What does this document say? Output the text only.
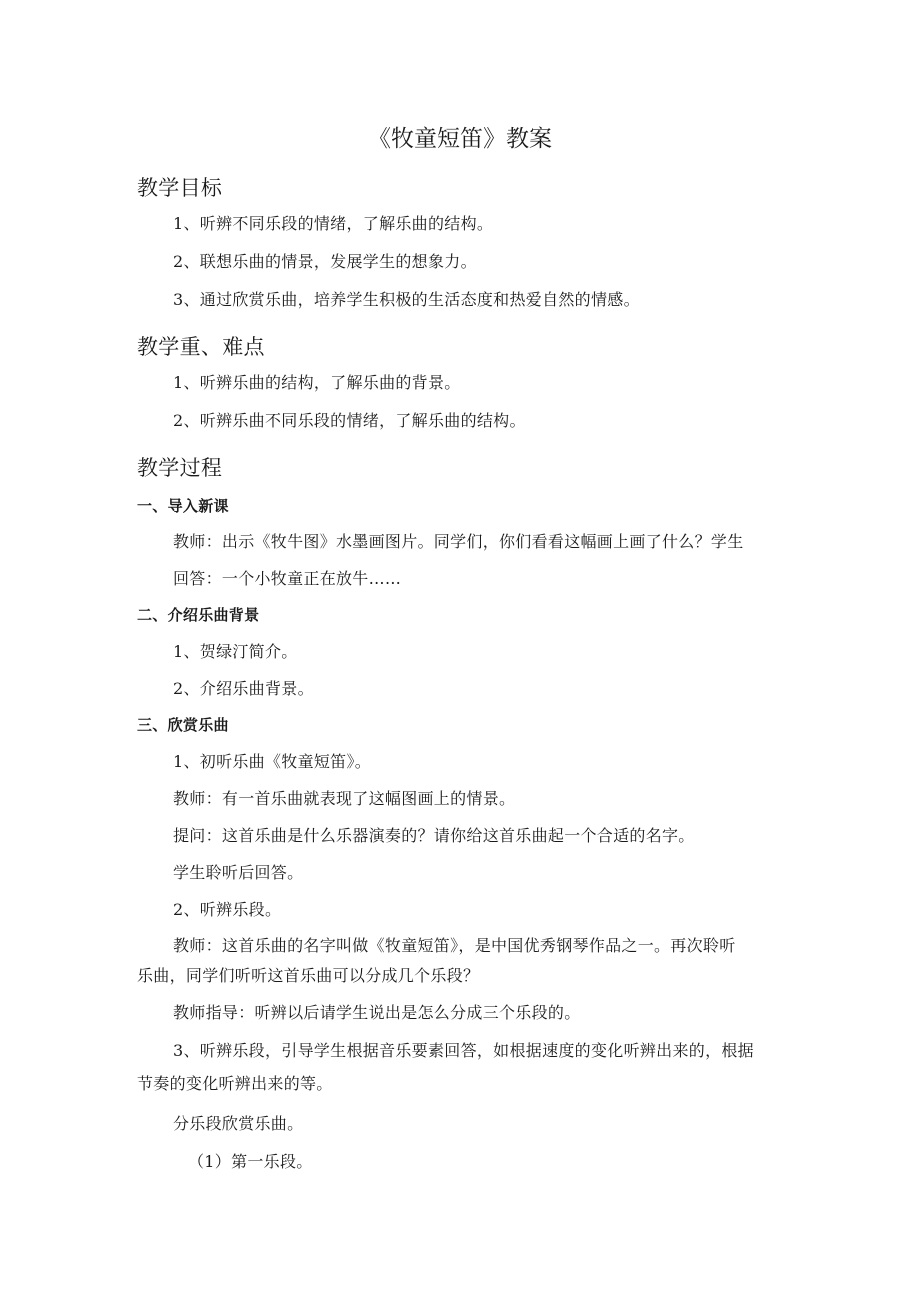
《牧童短笛》教案
教学目标
1、听辨不同乐段的情绪，了解乐曲的结构。
2、联想乐曲的情景，发展学生的想象力。
3、通过欣赏乐曲，培养学生积极的生活态度和热爱自然的情感。
教学重、难点
1、听辨乐曲的结构，了解乐曲的背景。
2、听辨乐曲不同乐段的情绪，了解乐曲的结构。
教学过程
一、导入新课
教师：出示《牧牛图》水墨画图片。同学们，你们看看这幅画上画了什么？学生
回答：一个小牧童正在放牛……
二、介绍乐曲背景
1、贺绿汀简介。
2、介绍乐曲背景。
三、欣赏乐曲
1、初听乐曲《牧童短笛》。
教师：有一首乐曲就表现了这幅图画上的情景。
提问：这首乐曲是什么乐器演奏的？请你给这首乐曲起一个合适的名字。
学生聆听后回答。
2、听辨乐段。
教师：这首乐曲的名字叫做《牧童短笛》，是中国优秀钢琴作品之一。再次聆听
乐曲，同学们听听这首乐曲可以分成几个乐段？
教师指导：听辨以后请学生说出是怎么分成三个乐段的。
3、听辨乐段，引导学生根据音乐要素回答，如根据速度的变化听辨出来的，根据
节奏的变化听辨出来的等。
分乐段欣赏乐曲。
（1）第一乐段。
